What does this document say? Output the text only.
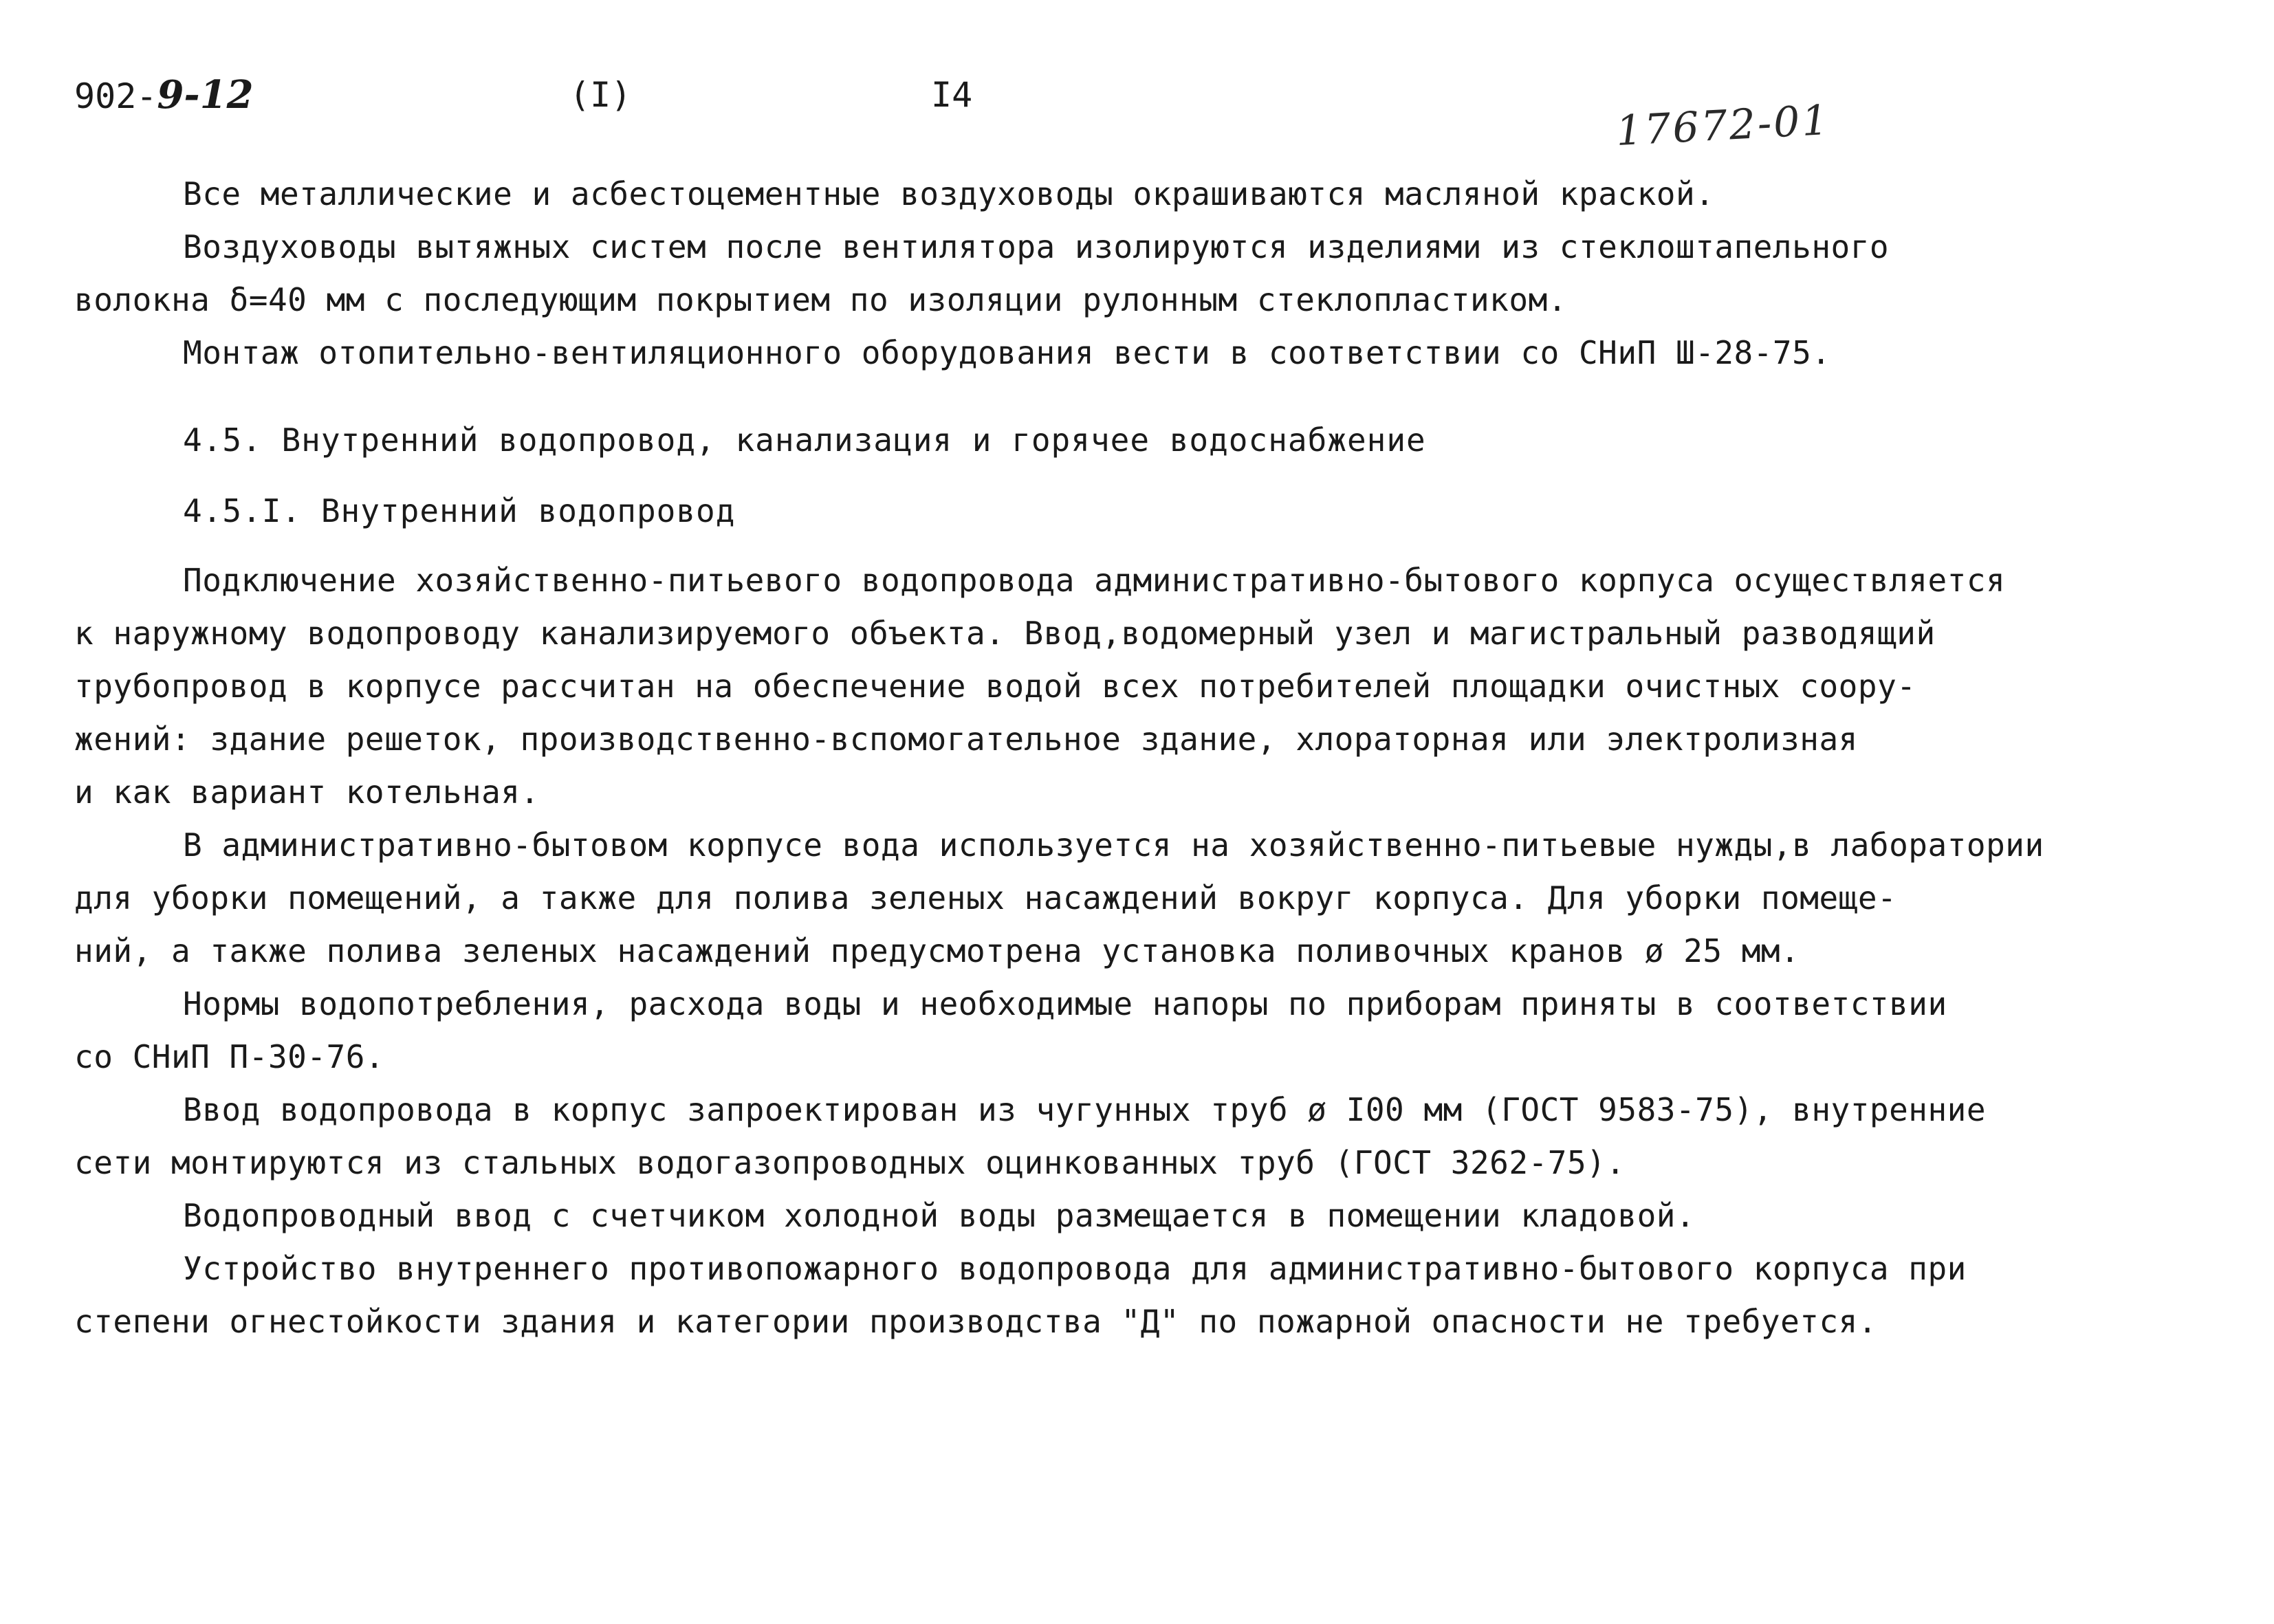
902-9-12	(I)	I4
17672-01
Все металлические и асбестоцементные воздуховоды окрашиваются масляной краской.
Воздуховоды вытяжных систем после вентилятора изолируются изделиями из стеклоштапельного
волокна δ=40 мм с последующим покрытием по изоляции рулонным стеклопластиком.
Монтаж отопительно-вентиляционного оборудования вести в соответствии со СНиП Ш-28-75.
4.5. Внутренний водопровод, канализация и горячее водоснабжение
4.5.I. Внутренний водопровод
Подключение хозяйственно-питьевого водопровода административно-бытового корпуса осуществляется
к наружному водопроводу канализируемого объекта. Ввод,водомерный узел и магистральный разводящий
трубопровод в корпусе рассчитан на обеспечение водой всех потребителей площадки очистных соору-
жений: здание решеток, производственно-вспомогательное здание, хлораторная или электролизная
и как вариант котельная.
В административно-бытовом корпусе вода используется на хозяйственно-питьевые нужды,в лаборатории
для уборки помещений, а также для полива зеленых насаждений вокруг корпуса. Для уборки помеще-
ний, а также полива зеленых насаждений предусмотрена установка поливочных кранов ø 25 мм.
Нормы водопотребления, расхода воды и необходимые напоры по приборам приняты в соответствии
со СНиП П-30-76.
Ввод водопровода в корпус запроектирован из чугунных труб ø I00 мм (ГОСТ 9583-75), внутренние
сети монтируются из стальных водогазопроводных оцинкованных труб (ГОСТ 3262-75).
Водопроводный ввод с счетчиком холодной воды размещается в помещении кладовой.
Устройство внутреннего противопожарного водопровода для административно-бытового корпуса при
степени огнестойкости здания и категории производства "Д" по пожарной опасности не требуется.
